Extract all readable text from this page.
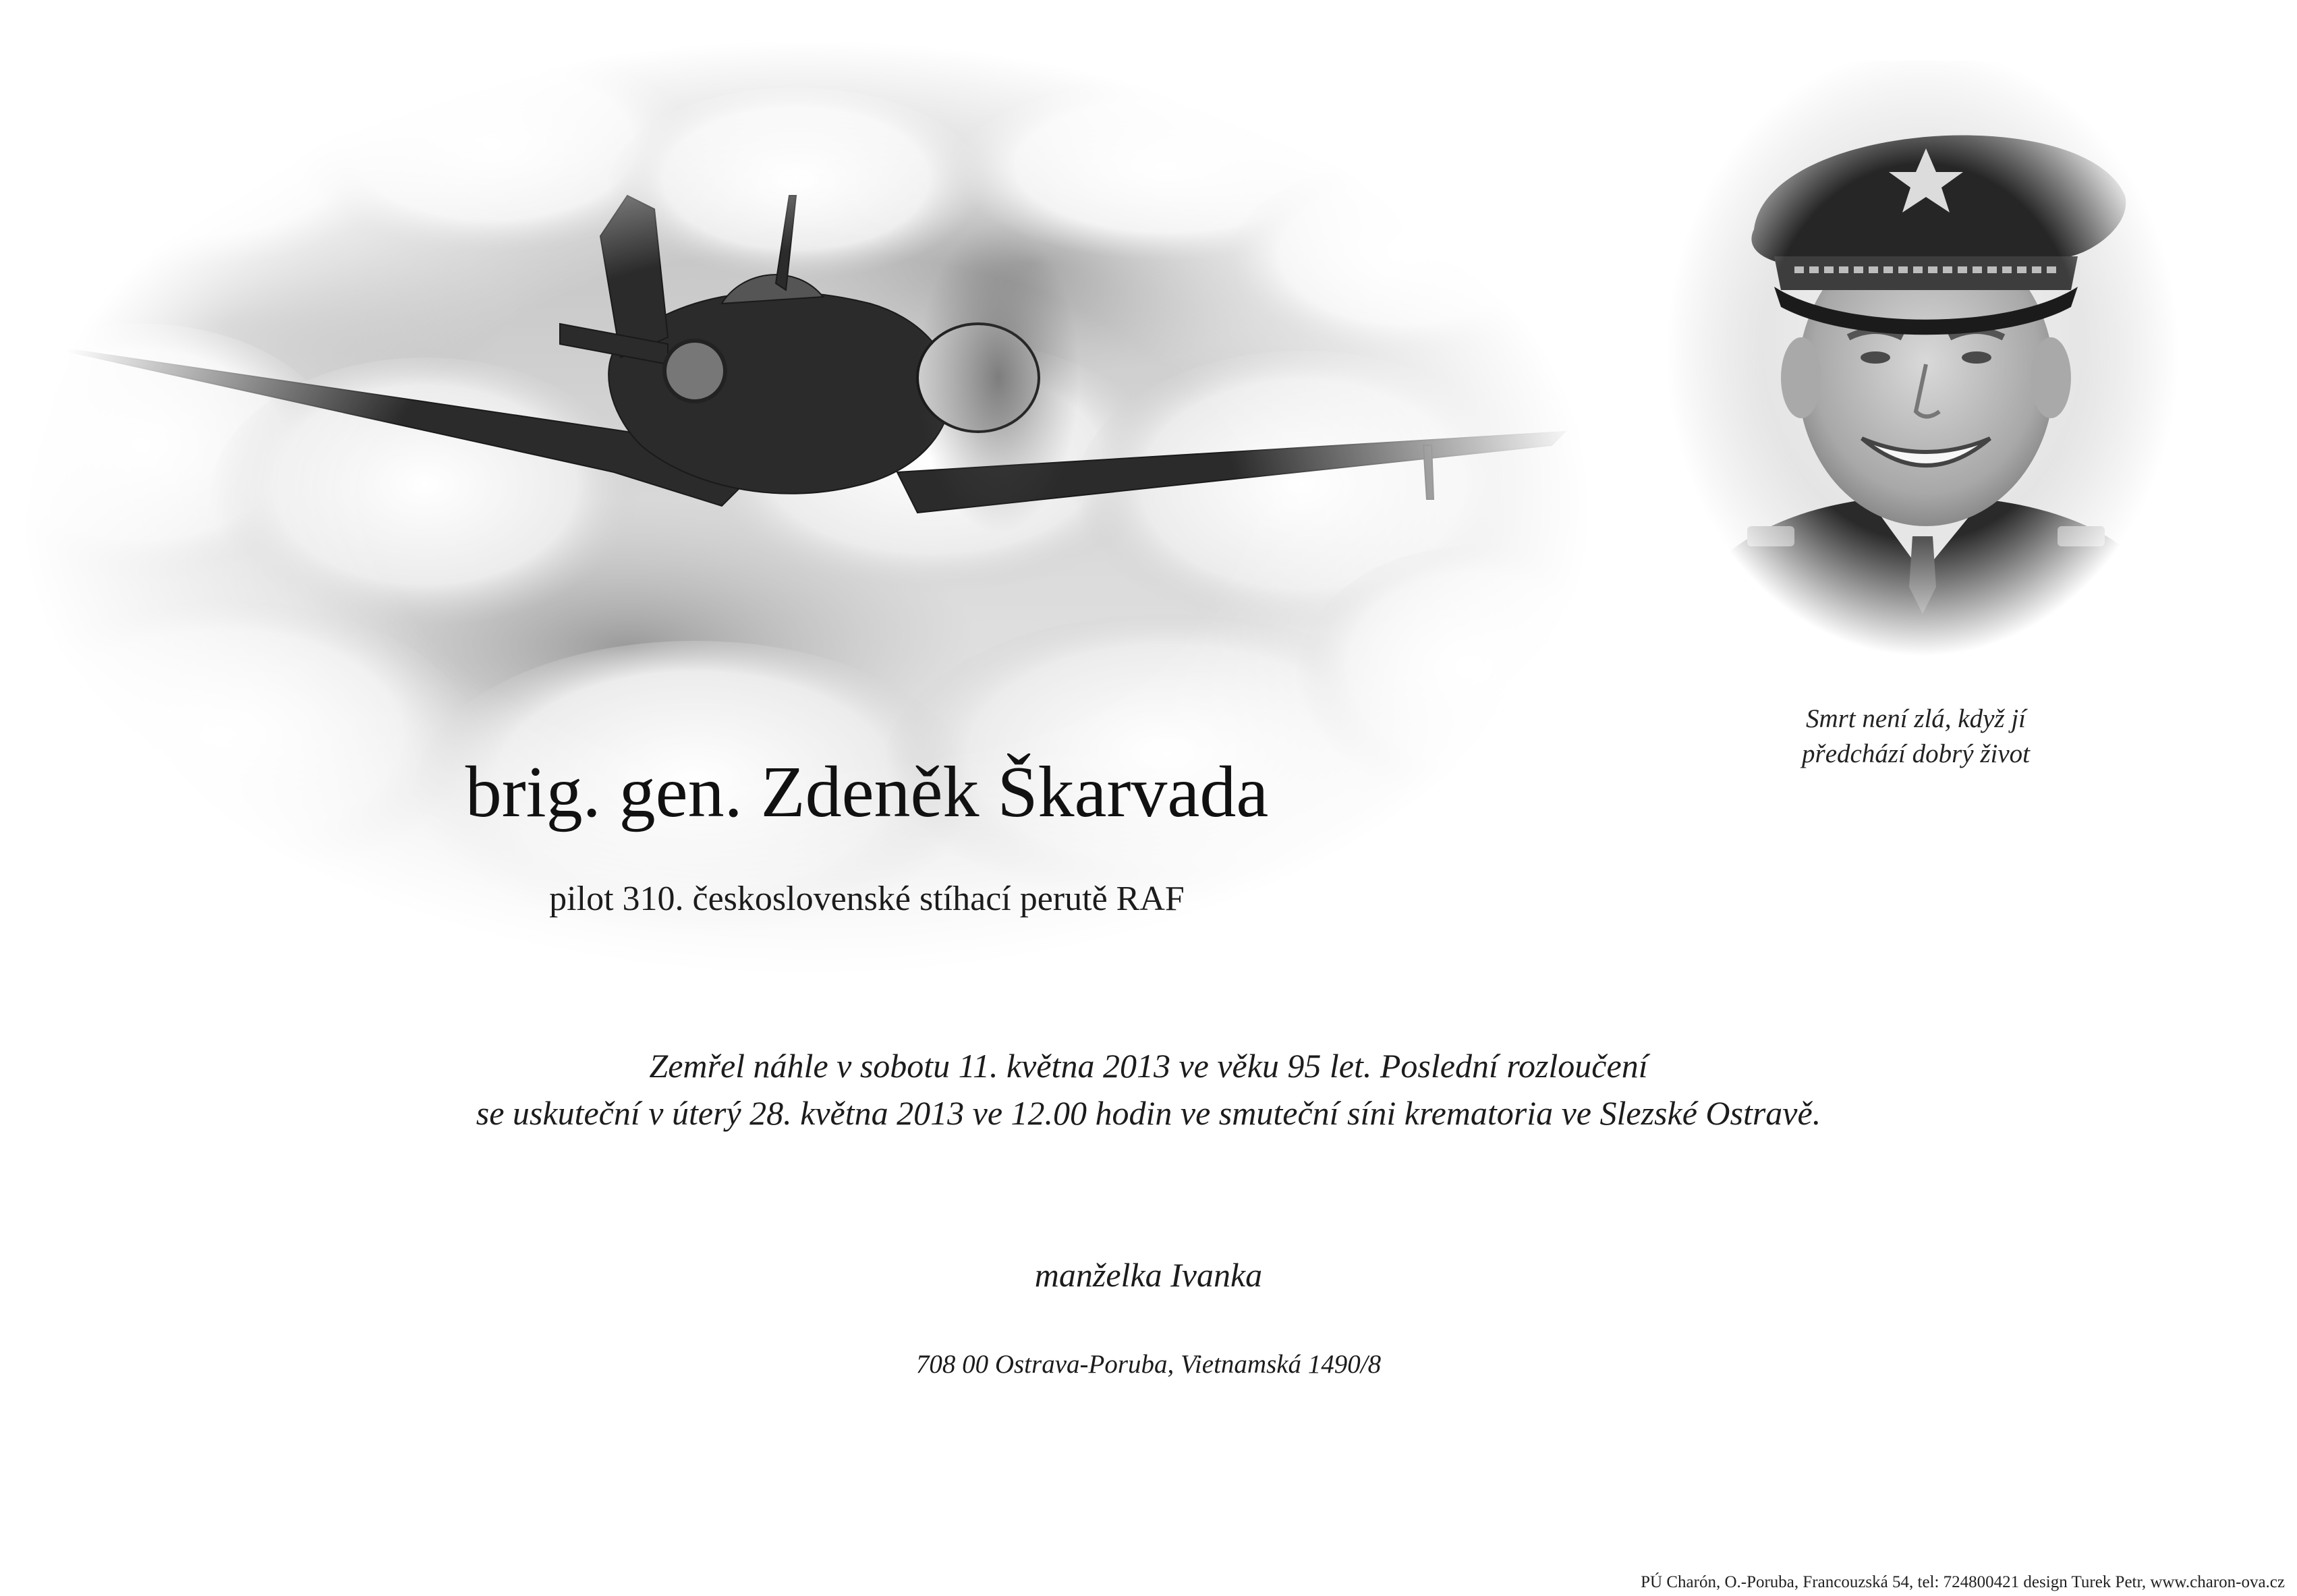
Smrt není zlá, když jí
předchází dobrý život
brig. gen. Zdeněk Škarvada
pilot 310. československé stíhací perutě RAF
Zemřel náhle v sobotu 11. května 2013 ve věku 95 let. Poslední rozloučení
se uskuteční v úterý 28. května 2013 ve 12.00 hodin ve smuteční síni krematoria ve Slezské Ostravě.
manželka Ivanka
708 00 Ostrava-Poruba, Vietnamská 1490/8
PÚ Charón, O.-Poruba, Francouzská 54, tel: 724800421 design Turek Petr, www.charon-ova.cz
